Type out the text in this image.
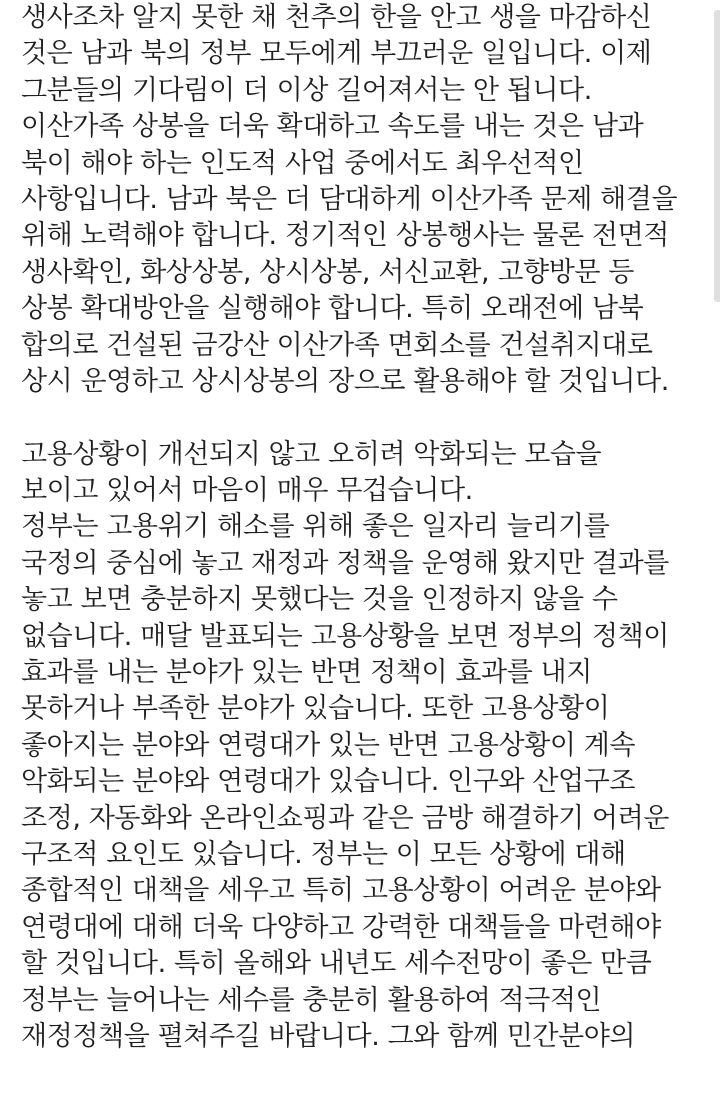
생사조차 알지 못한 채 천추의 한을 안고 생을 마감하신
것은 남과 북의 정부 모두에게 부끄러운 일입니다. 이제
그분들의 기다림이 더 이상 길어져서는 안 됩니다.
이산가족 상봉을 더욱 확대하고 속도를 내는 것은 남과
북이 해야 하는 인도적 사업 중에서도 최우선적인
사항입니다. 남과 북은 더 담대하게 이산가족 문제 해결을
위해 노력해야 합니다. 정기적인 상봉행사는 물론 전면적
생사확인, 화상상봉, 상시상봉, 서신교환, 고향방문 등
상봉 확대방안을 실행해야 합니다. 특히 오래전에 남북
합의로 건설된 금강산 이산가족 면회소를 건설취지대로
상시 운영하고 상시상봉의 장으로 활용해야 할 것입니다.
고용상황이 개선되지 않고 오히려 악화되는 모습을
보이고 있어서 마음이 매우 무겁습니다.
정부는 고용위기 해소를 위해 좋은 일자리 늘리기를
국정의 중심에 놓고 재정과 정책을 운영해 왔지만 결과를
놓고 보면 충분하지 못했다는 것을 인정하지 않을 수
없습니다. 매달 발표되는 고용상황을 보면 정부의 정책이
효과를 내는 분야가 있는 반면 정책이 효과를 내지
못하거나 부족한 분야가 있습니다. 또한 고용상황이
좋아지는 분야와 연령대가 있는 반면 고용상황이 계속
악화되는 분야와 연령대가 있습니다. 인구와 산업구조
조정, 자동화와 온라인쇼핑과 같은 금방 해결하기 어려운
구조적 요인도 있습니다. 정부는 이 모든 상황에 대해
종합적인 대책을 세우고 특히 고용상황이 어려운 분야와
연령대에 대해 더욱 다양하고 강력한 대책들을 마련해야
할 것입니다. 특히 올해와 내년도 세수전망이 좋은 만큼
정부는 늘어나는 세수를 충분히 활용하여 적극적인
재정정책을 펼쳐주길 바랍니다. 그와 함께 민간분야의
